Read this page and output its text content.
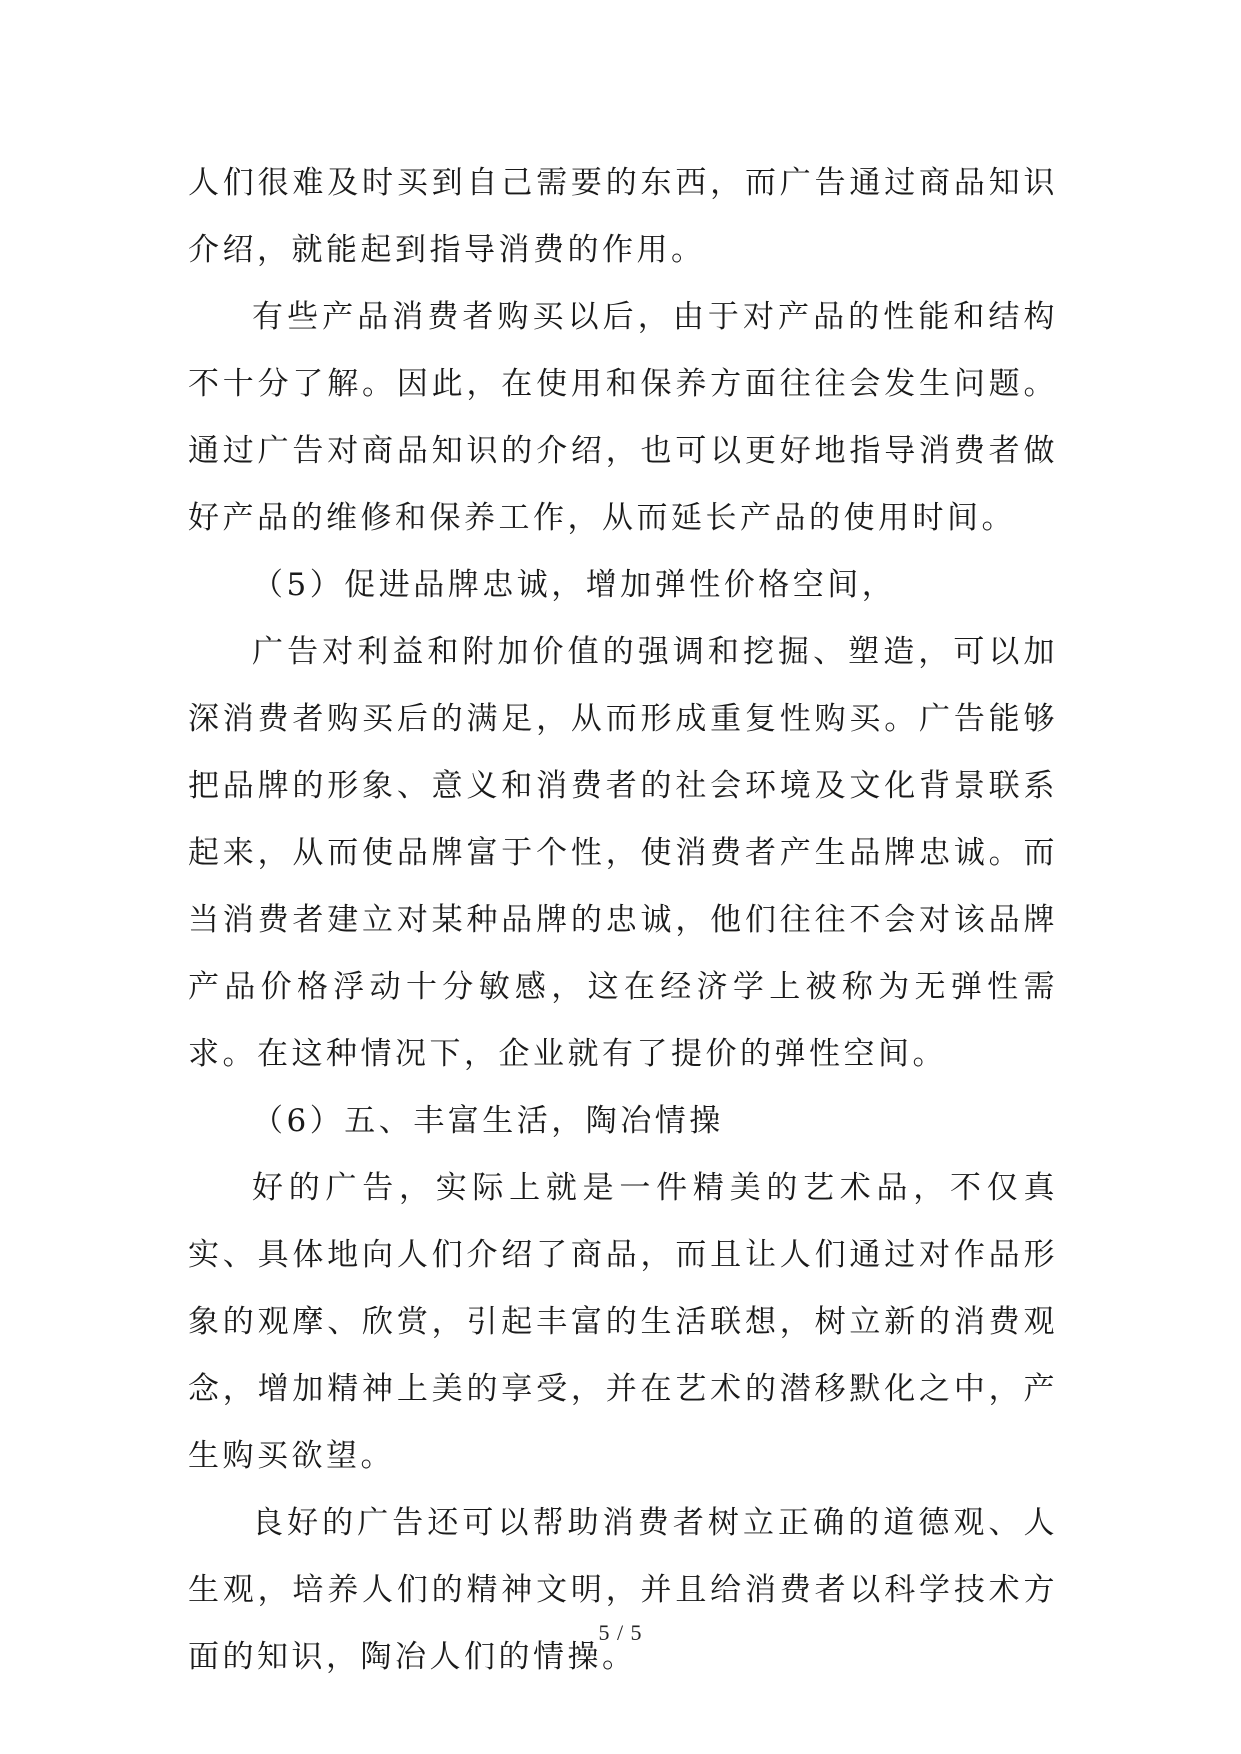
人们很难及时买到自己需要的东西，而广告通过商品知识介绍，就能起到指导消费的作用。

有些产品消费者购买以后，由于对产品的性能和结构不十分了解。因此，在使用和保养方面往往会发生问题。通过广告对商品知识的介绍，也可以更好地指导消费者做好产品的维修和保养工作，从而延长产品的使用时间。

（5）促进品牌忠诚，增加弹性价格空间，

广告对利益和附加价值的强调和挖掘、塑造，可以加深消费者购买后的满足，从而形成重复性购买。广告能够把品牌的形象、意义和消费者的社会环境及文化背景联系起来，从而使品牌富于个性，使消费者产生品牌忠诚。而当消费者建立对某种品牌的忠诚，他们往往不会对该品牌产品价格浮动十分敏感，这在经济学上被称为无弹性需求。在这种情况下，企业就有了提价的弹性空间。

（6）五、丰富生活，陶冶情操

好的广告，实际上就是一件精美的艺术品，不仅真实、具体地向人们介绍了商品，而且让人们通过对作品形象的观摩、欣赏，引起丰富的生活联想，树立新的消费观念，增加精神上美的享受，并在艺术的潜移默化之中，产生购买欲望。

良好的广告还可以帮助消费者树立正确的道德观、人生观，培养人们的精神文明，并且给消费者以科学技术方面的知识，陶冶人们的情操。

5 / 5
